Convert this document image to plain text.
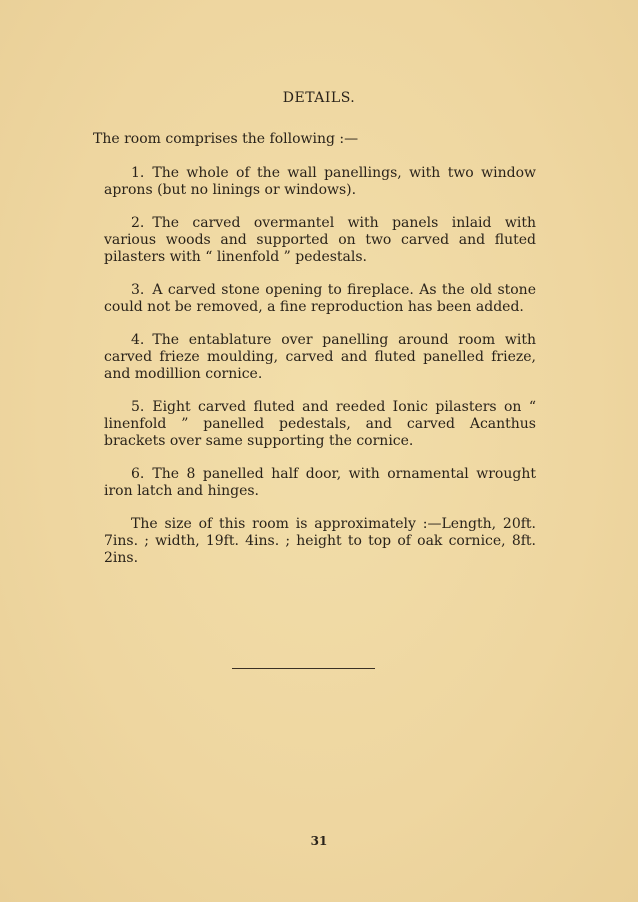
DETAILS.
The room comprises the following :—

1. The whole of the wall panellings, with two window aprons (but no linings or windows).

2. The carved overmantel with panels inlaid with various woods and supported on two carved and fluted pilasters with “ linenfold ” pedestals.

3. A carved stone opening to fireplace. As the old stone could not be removed, a fine reproduction has been added.

4. The entablature over panelling around room with carved frieze moulding, carved and fluted panelled frieze, and modillion cornice.

5. Eight carved fluted and reeded Ionic pilasters on “ linenfold ” panelled pedestals, and carved Acanthus brackets over same supporting the cornice.

6. The 8 panelled half door, with ornamental wrought iron latch and hinges.

The size of this room is approximately :—Length, 20ft. 7ins. ; width, 19ft. 4ins. ; height to top of oak cornice, 8ft. 2ins.

31
